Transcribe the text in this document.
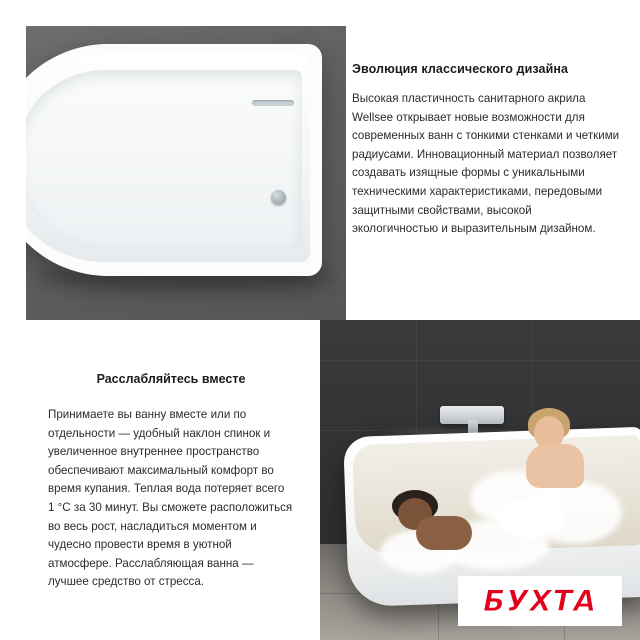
Эволюция классического дизайна

Высокая пластичность санитарного акрила Wellsee открывает новые возможности для современных ванн с тонкими стенками и четкими радиусами. Инновационный материал позволяет создавать изящные формы с уникальными техническими характеристиками, передовыми защитными свойствами, высокой экологичностью и выразительным дизайном.

Расслабляйтесь вместе

Принимаете вы ванну вместе или по отдельности — удобный наклон спинок и увеличенное внутреннее пространство обеспечивают максимальный комфорт во время купания. Теплая вода потеряет всего 1 °С за 30 минут. Вы сможете расположиться во весь рост, насладиться моментом и чудесно провести время в уютной атмосфере. Расслабляющая ванна — лучшее средство от стресса.

БУХТА
